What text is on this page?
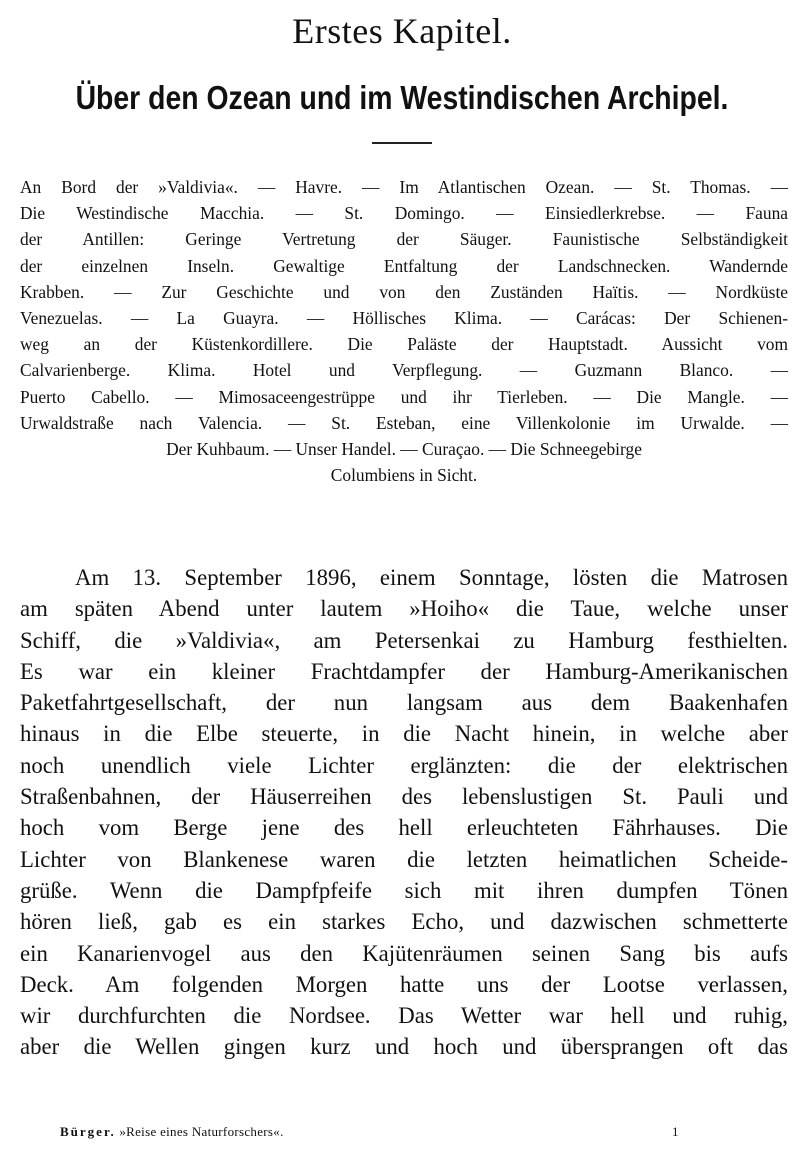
Erstes Kapitel.
Über den Ozean und im Westindischen Archipel.
An Bord der »Valdivia«. — Havre. — Im Atlantischen Ozean. — St. Thomas. —
Die Westindische Macchia. — St. Domingo. — Einsiedlerkrebse. — Fauna
der Antillen: Geringe Vertretung der Säuger. Faunistische Selbständigkeit
der einzelnen Inseln. Gewaltige Entfaltung der Landschnecken. Wandernde
Krabben. — Zur Geschichte und von den Zuständen Haïtis. — Nordküste
Venezuelas. — La Guayra. — Höllisches Klima. — Carácas: Der Schienen-
weg an der Küstenkordillere. Die Paläste der Hauptstadt. Aussicht vom
Calvarienberge. Klima. Hotel und Verpflegung. — Guzmann Blanco. —
Puerto Cabello. — Mimosaceengestrüppe und ihr Tierleben. — Die Mangle. —
Urwaldstraße nach Valencia. — St. Esteban, eine Villenkolonie im Urwalde. —
Der Kuhbaum. — Unser Handel. — Curaçao. — Die Schneegebirge
Columbiens in Sicht.
Am 13. September 1896, einem Sonntage, lösten die Matrosen
am späten Abend unter lautem »Hoiho« die Taue, welche unser
Schiff, die »Valdivia«, am Petersenkai zu Hamburg festhielten.
Es war ein kleiner Frachtdampfer der Hamburg-Amerikanischen
Paketfahrtgesellschaft, der nun langsam aus dem Baakenhafen
hinaus in die Elbe steuerte, in die Nacht hinein, in welche aber
noch unendlich viele Lichter erglänzten: die der elektrischen
Straßenbahnen, der Häuserreihen des lebenslustigen St. Pauli und
hoch vom Berge jene des hell erleuchteten Fährhauses. Die
Lichter von Blankenese waren die letzten heimatlichen Scheide-
grüße. Wenn die Dampfpfeife sich mit ihren dumpfen Tönen
hören ließ, gab es ein starkes Echo, und dazwischen schmetterte
ein Kanarienvogel aus den Kajütenräumen seinen Sang bis aufs
Deck. Am folgenden Morgen hatte uns der Lootse verlassen,
wir durchfurchten die Nordsee. Das Wetter war hell und ruhig,
aber die Wellen gingen kurz und hoch und übersprangen oft das
Bürger. »Reise eines Naturforschers«.	1
